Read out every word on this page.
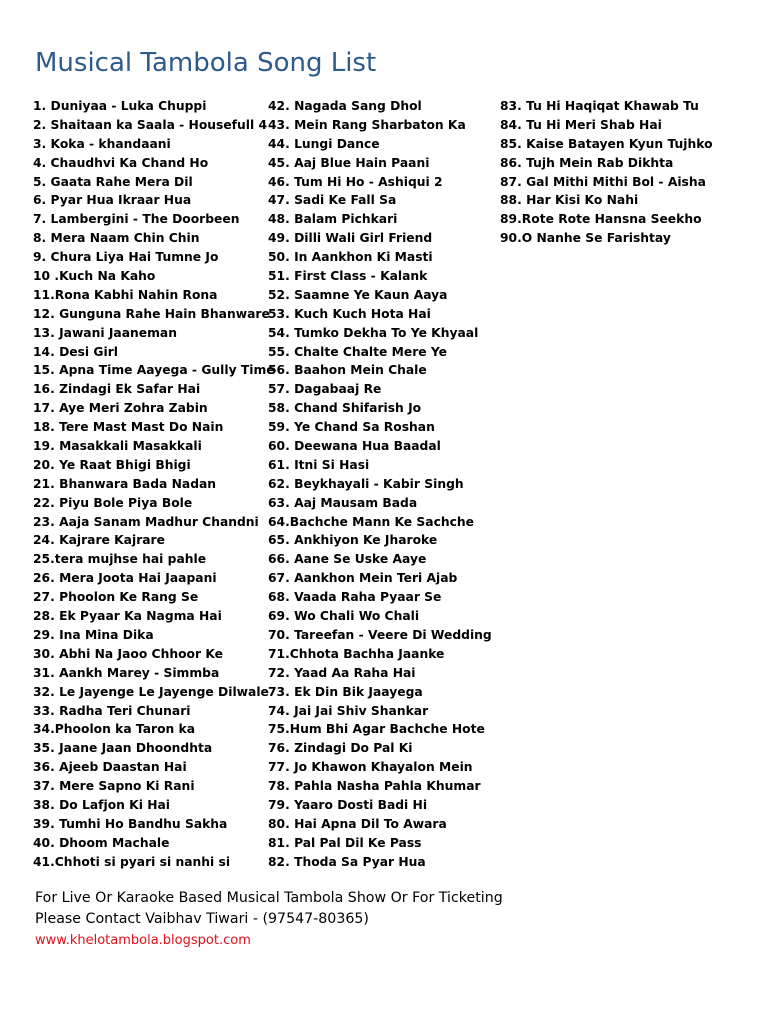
Musical Tambola Song List
1. Duniyaa - Luka Chuppi
2. Shaitaan ka Saala - Housefull 4
3. Koka - khandaani
4. Chaudhvi Ka Chand Ho
5. Gaata Rahe Mera Dil
6. Pyar Hua Ikraar Hua
7. Lambergini - The Doorbeen
8. Mera Naam Chin Chin
9. Chura Liya Hai Tumne Jo
10 .Kuch Na Kaho
11.Rona Kabhi Nahin Rona
12. Gunguna Rahe Hain Bhanware
13. Jawani Jaaneman
14. Desi Girl
15. Apna Time Aayega - Gully Time
16. Zindagi Ek Safar Hai
17. Aye Meri Zohra Zabin
18. Tere Mast Mast Do Nain
19. Masakkali Masakkali
20. Ye Raat Bhigi Bhigi
21. Bhanwara Bada Nadan
22. Piyu Bole Piya Bole
23. Aaja Sanam Madhur Chandni
24. Kajrare Kajrare
25.tera mujhse hai pahle
26. Mera Joota Hai Jaapani
27. Phoolon Ke Rang Se
28. Ek Pyaar Ka Nagma Hai
29. Ina Mina Dika
30. Abhi Na Jaoo Chhoor Ke
31. Aankh Marey - Simmba
32. Le Jayenge Le Jayenge Dilwale
33. Radha Teri Chunari
34.Phoolon ka Taron ka
35. Jaane Jaan Dhoondhta
36. Ajeeb Daastan Hai
37. Mere Sapno Ki Rani
38. Do Lafjon Ki Hai
39. Tumhi Ho Bandhu Sakha
40. Dhoom Machale
41.Chhoti si pyari si nanhi si
42. Nagada Sang Dhol
43. Mein Rang Sharbaton Ka
44. Lungi Dance
45. Aaj Blue Hain Paani
46. Tum Hi Ho - Ashiqui 2
47. Sadi Ke Fall Sa
48. Balam Pichkari
49. Dilli Wali Girl Friend
50. In Aankhon Ki Masti
51. First Class - Kalank
52. Saamne Ye Kaun Aaya
53. Kuch Kuch Hota Hai
54. Tumko Dekha To Ye Khyaal
55. Chalte Chalte Mere Ye
56. Baahon Mein Chale
57. Dagabaaj Re
58. Chand Shifarish Jo
59. Ye Chand Sa Roshan
60. Deewana Hua Baadal
61. Itni Si Hasi
62. Beykhayali - Kabir Singh
63. Aaj Mausam Bada
64.Bachche Mann Ke Sachche
65. Ankhiyon Ke Jharoke
66. Aane Se Uske Aaye
67. Aankhon Mein Teri Ajab
68. Vaada Raha Pyaar Se
69. Wo Chali Wo Chali
70. Tareefan - Veere Di Wedding
71.Chhota Bachha Jaanke
72. Yaad Aa Raha Hai
73. Ek Din Bik Jaayega
74. Jai Jai Shiv Shankar
75.Hum Bhi Agar Bachche Hote
76. Zindagi Do Pal Ki
77. Jo Khawon Khayalon Mein
78. Pahla Nasha Pahla Khumar
79. Yaaro Dosti Badi Hi
80. Hai Apna Dil To Awara
81. Pal Pal Dil Ke Pass
82. Thoda Sa Pyar Hua
83. Tu Hi Haqiqat Khawab Tu
84. Tu Hi Meri Shab Hai
85. Kaise Batayen Kyun Tujhko
86. Tujh Mein Rab Dikhta
87. Gal Mithi Mithi Bol - Aisha
88. Har Kisi Ko Nahi
89.Rote Rote Hansna Seekho
90.O Nanhe Se Farishtay
For Live Or Karaoke Based Musical Tambola Show Or For Ticketing
Please Contact Vaibhav Tiwari - (97547-80365)
www.khelotambola.blogspot.com
